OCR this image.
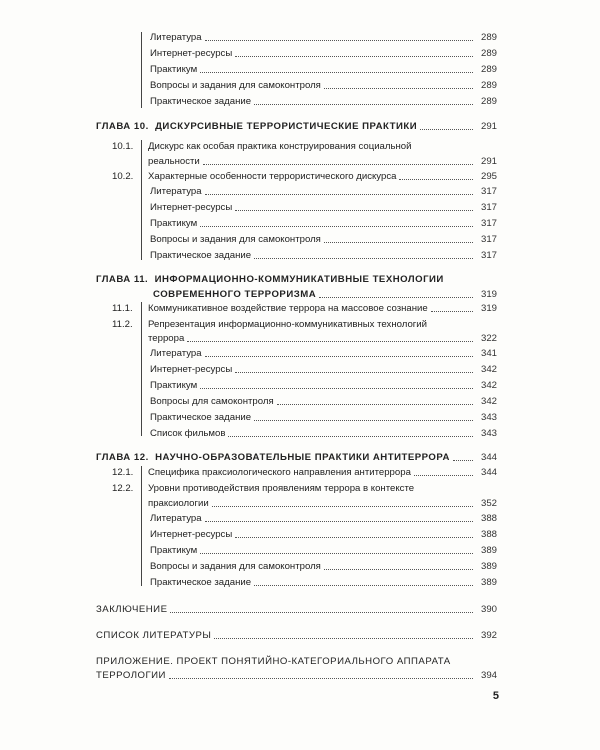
Литература	289
Интернет-ресурсы	289
Практикум	289
Вопросы и задания для самоконтроля	289
Практическое задание	289
ГЛАВА 10. ДИСКУРСИВНЫЕ ТЕРРОРИСТИЧЕСКИЕ ПРАКТИКИ	291
10.1. Дискурс как особая практика конструирования социальной
реальности	291
10.2. Характерные особенности террористического дискурса	295
Литература	317
Интернет-ресурсы	317
Практикум	317
Вопросы и задания для самоконтроля	317
Практическое задание	317
ГЛАВА 11. ИНФОРМАЦИОННО-КОММУНИКАТИВНЫЕ ТЕХНОЛОГИИ
СОВРЕМЕННОГО ТЕРРОРИЗМА	319
11.1. Коммуникативное воздействие террора на массовое сознание	319
11.2. Репрезентация информационно-коммуникативных технологий
террора	322
Литература	341
Интернет-ресурсы	342
Практикум	342
Вопросы для самоконтроля	342
Практическое задание	343
Список фильмов	343
ГЛАВА 12. НАУЧНО-ОБРАЗОВАТЕЛЬНЫЕ ПРАКТИКИ АНТИТЕРРОРА	344
12.1. Специфика праксиологического направления антитеррора	344
12.2. Уровни противодействия проявлениям террора в контексте
праксиологии	352
Литература	388
Интернет-ресурсы	388
Практикум	389
Вопросы и задания для самоконтроля	389
Практическое задание	389
ЗАКЛЮЧЕНИЕ	390
СПИСОК ЛИТЕРАТУРЫ	392
ПРИЛОЖЕНИЕ. ПРОЕКТ ПОНЯТИЙНО-КАТЕГОРИАЛЬНОГО АППАРАТА
ТЕРРОЛОГИИ	394
5
